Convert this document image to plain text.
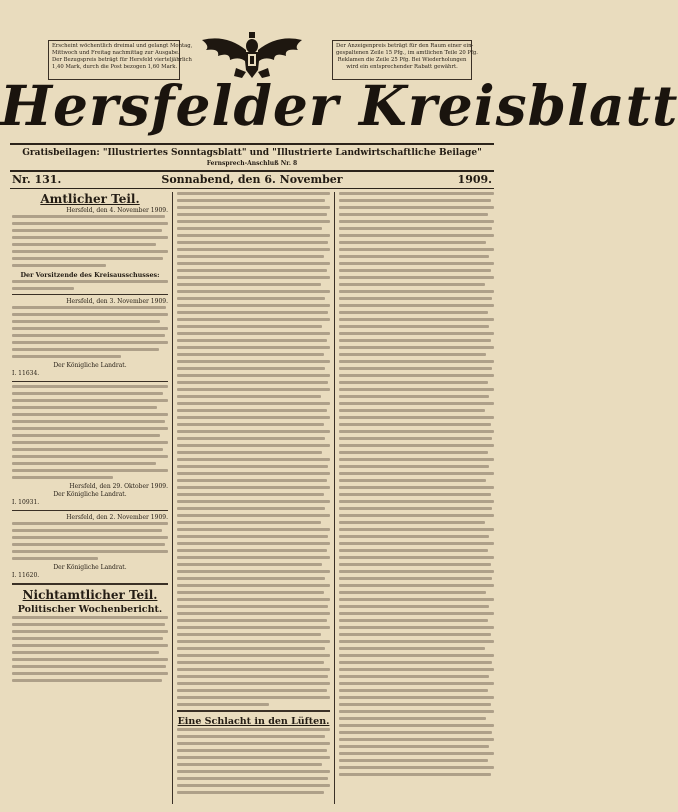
Erscheint wöchentlich dreimal und gelangt Montag,
Mittwoch und Freitag nachmittag zur Ausgabe.
Der Bezugspreis beträgt für Hersfeld vierteljährlich
1,40 Mark, durch die Post bezogen 1,60 Mark.
Der Anzeigenpreis beträgt für den Raum einer ein-
gespaltenen Zeile 15 Pfg., im amtlichen Teile 20 Pfg.
Reklamen die Zeile 25 Pfg. Bei Wiederholungen
wird ein entsprechender Rabatt gewährt.
Hersfelder Kreisblatt
Gratisbeilagen: "Illustriertes Sonntagsblatt" und "Illustrierte Landwirtschaftliche Beilage"
Fernsprech-Anschluß Nr. 8
Nr. 131.	Sonnabend, den 6. November	1909.
Amtlicher Teil.
Hersfeld, den 4. November 1909.
Der Vorsitzende des Kreisausschusses:
Hersfeld, den 3. November 1909.
Der Königliche Landrat.
I. 11634.
Hersfeld, den 29. Oktober 1909.
Der Königliche Landrat.
I. 10931.
Hersfeld, den 2. November 1909.
Der Königliche Landrat.
I. 11620.
Nichtamtlicher Teil.
Politischer Wochenbericht.
Eine Schlacht in den Lüften.
